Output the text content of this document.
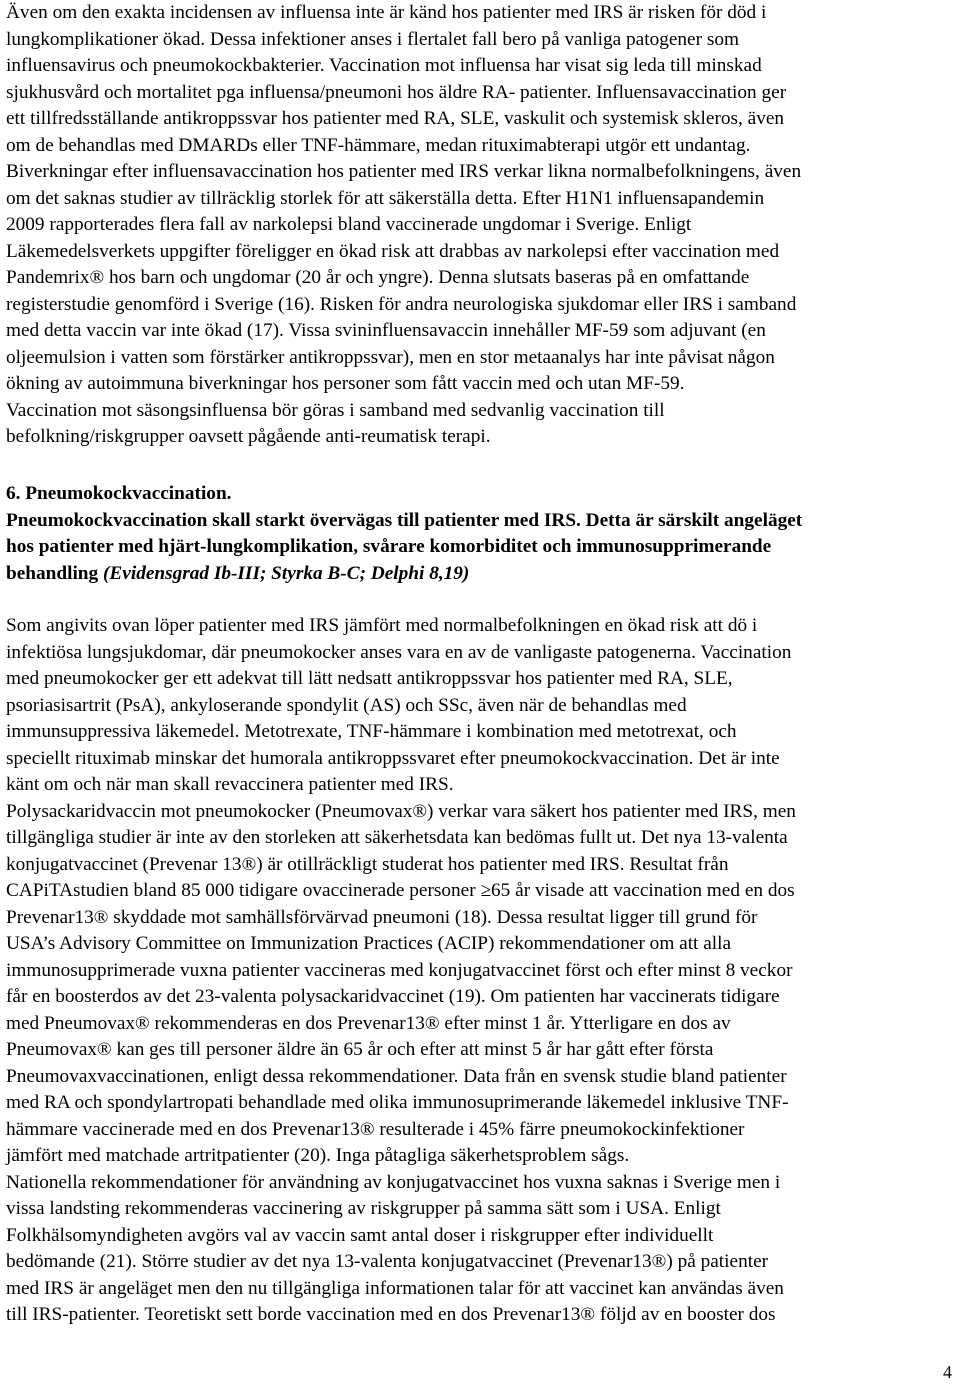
Även om den exakta incidensen av influensa inte är känd hos patienter med IRS är risken för död i
lungkomplikationer ökad. Dessa infektioner anses i flertalet fall bero på vanliga patogener som
influensavirus och pneumokockbakterier. Vaccination mot influensa har visat sig leda till minskad
sjukhusvård och mortalitet pga influensa/pneumoni hos äldre RA- patienter. Influensavaccination ger
ett tillfredsställande antikroppssvar hos patienter med RA, SLE, vaskulit och systemisk skleros, även
om de behandlas med DMARDs eller TNF-hämmare, medan rituximabterapi utgör ett undantag.
Biverkningar efter influensavaccination hos patienter med IRS verkar likna normalbefolkningens, även
om det saknas studier av tillräcklig storlek för att säkerställa detta. Efter H1N1 influensapandemin
2009 rapporterades flera fall av narkolepsi bland vaccinerade ungdomar i Sverige. Enligt
Läkemedelsverkets uppgifter föreligger en ökad risk att drabbas av narkolepsi efter vaccination med
Pandemrix® hos barn och ungdomar (20 år och yngre). Denna slutsats baseras på en omfattande
registerstudie genomförd i Sverige (16). Risken för andra neurologiska sjukdomar eller IRS i samband
med detta vaccin var inte ökad (17). Vissa svininfluensavaccin innehåller MF-59 som adjuvant (en
oljeemulsion i vatten som förstärker antikroppssvar), men en stor metaanalys har inte påvisat någon
ökning av autoimmuna biverkningar hos personer som fått vaccin med och utan MF-59.
Vaccination mot säsongsinfluensa bör göras i samband med sedvanlig vaccination till
befolkning/riskgrupper oavsett pågående anti-reumatisk terapi.
6. Pneumokockvaccination.
Pneumokockvaccination skall starkt övervägas till patienter med IRS. Detta är särskilt angeläget
hos patienter med hjärt-lungkomplikation, svårare komorbiditet och immunosupprimerande
behandling (Evidensgrad Ib-III; Styrka B-C; Delphi 8,19)
Som angivits ovan löper patienter med IRS jämfört med normalbefolkningen en ökad risk att dö i
infektiösa lungsjukdomar, där pneumokocker anses vara en av de vanligaste patogenerna. Vaccination
med pneumokocker ger ett adekvat till lätt nedsatt antikroppssvar hos patienter med RA, SLE,
psoriasisartrit (PsA), ankyloserande spondylit (AS) och SSc, även när de behandlas med
immunsuppressiva läkemedel. Metotrexate, TNF-hämmare i kombination med metotrexat, och
speciellt rituximab minskar det humorala antikroppssvaret efter pneumokockvaccination. Det är inte
känt om och när man skall revaccinera patienter med IRS.
Polysackaridvaccin mot pneumokocker (Pneumovax®) verkar vara säkert hos patienter med IRS, men
tillgängliga studier är inte av den storleken att säkerhetsdata kan bedömas fullt ut. Det nya 13-valenta
konjugatvaccinet (Prevenar 13®) är otillräckligt studerat hos patienter med IRS. Resultat från
CAPiTAstudien bland 85 000 tidigare ovaccinerade personer ≥65 år visade att vaccination med en dos
Prevenar13® skyddade mot samhällsförvärvad pneumoni (18). Dessa resultat ligger till grund för
USA’s Advisory Committee on Immunization Practices (ACIP) rekommendationer om att alla
immunosupprimerade vuxna patienter vaccineras med konjugatvaccinet först och efter minst 8 veckor
får en boosterdos av det 23-valenta polysackaridvaccinet (19). Om patienten har vaccinerats tidigare
med Pneumovax® rekommenderas en dos Prevenar13® efter minst 1 år. Ytterligare en dos av
Pneumovax® kan ges till personer äldre än 65 år och efter att minst 5 år har gått efter första
Pneumovaxvaccinationen, enligt dessa rekommendationer. Data från en svensk studie bland patienter
med RA och spondylartropati behandlade med olika immunosuprimerande läkemedel inklusive TNF-
hämmare vaccinerade med en dos Prevenar13® resulterade i 45% färre pneumokockinfektioner
jämfört med matchade artritpatienter (20). Inga påtagliga säkerhetsproblem sågs.
Nationella rekommendationer för användning av konjugatvaccinet hos vuxna saknas i Sverige men i
vissa landsting rekommenderas vaccinering av riskgrupper på samma sätt som i USA. Enligt
Folkhälsomyndigheten avgörs val av vaccin samt antal doser i riskgrupper efter individuellt
bedömande (21). Större studier av det nya 13-valenta konjugatvaccinet (Prevenar13®) på patienter
med IRS är angeläget men den nu tillgängliga informationen talar för att vaccinet kan användas även
till IRS-patienter. Teoretiskt sett borde vaccination med en dos Prevenar13® följd av en booster dos
4
